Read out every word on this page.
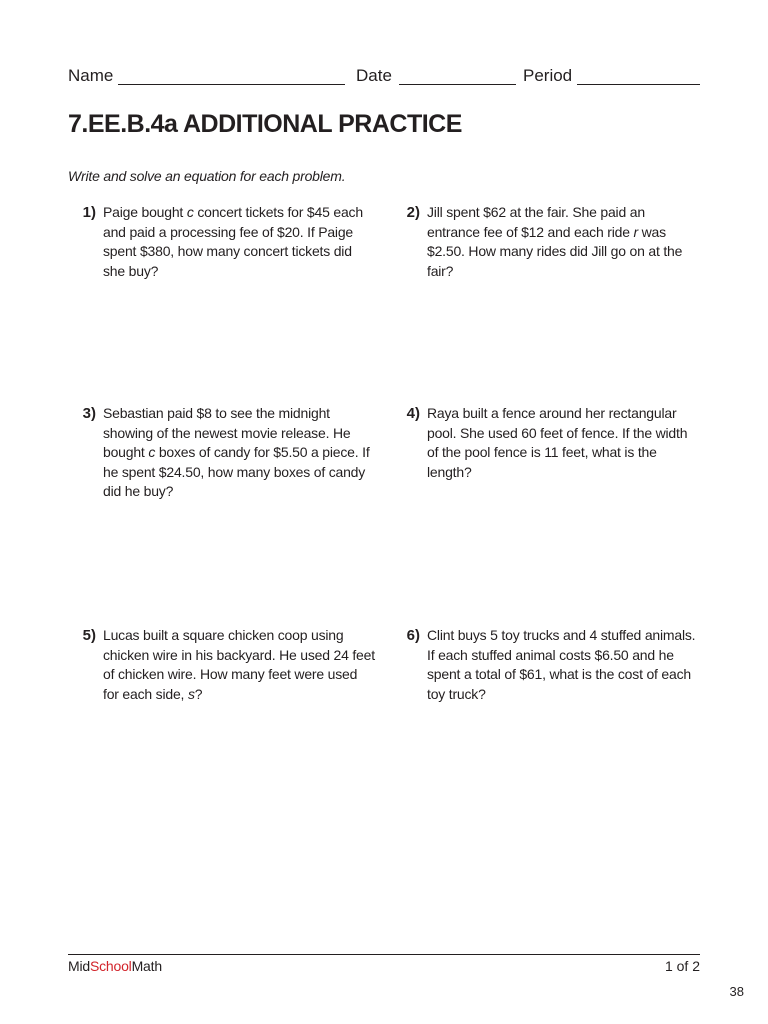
Name	Date	Period
7.EE.B.4a ADDITIONAL PRACTICE
Write and solve an equation for each problem.
1) Paige bought c concert tickets for $45 each and paid a processing fee of $20. If Paige spent $380, how many concert tickets did she buy?
2) Jill spent $62 at the fair. She paid an entrance fee of $12 and each ride r was $2.50. How many rides did Jill go on at the fair?
3) Sebastian paid $8 to see the midnight showing of the newest movie release. He bought c boxes of candy for $5.50 a piece. If he spent $24.50, how many boxes of candy did he buy?
4) Raya built a fence around her rectangular pool. She used 60 feet of fence. If the width of the pool fence is 11 feet, what is the length?
5) Lucas built a square chicken coop using chicken wire in his backyard. He used 24 feet of chicken wire. How many feet were used for each side, s?
6) Clint buys 5 toy trucks and 4 stuffed animals. If each stuffed animal costs $6.50 and he spent a total of $61, what is the cost of each toy truck?
MidSchoolMath	1 of 2
38
